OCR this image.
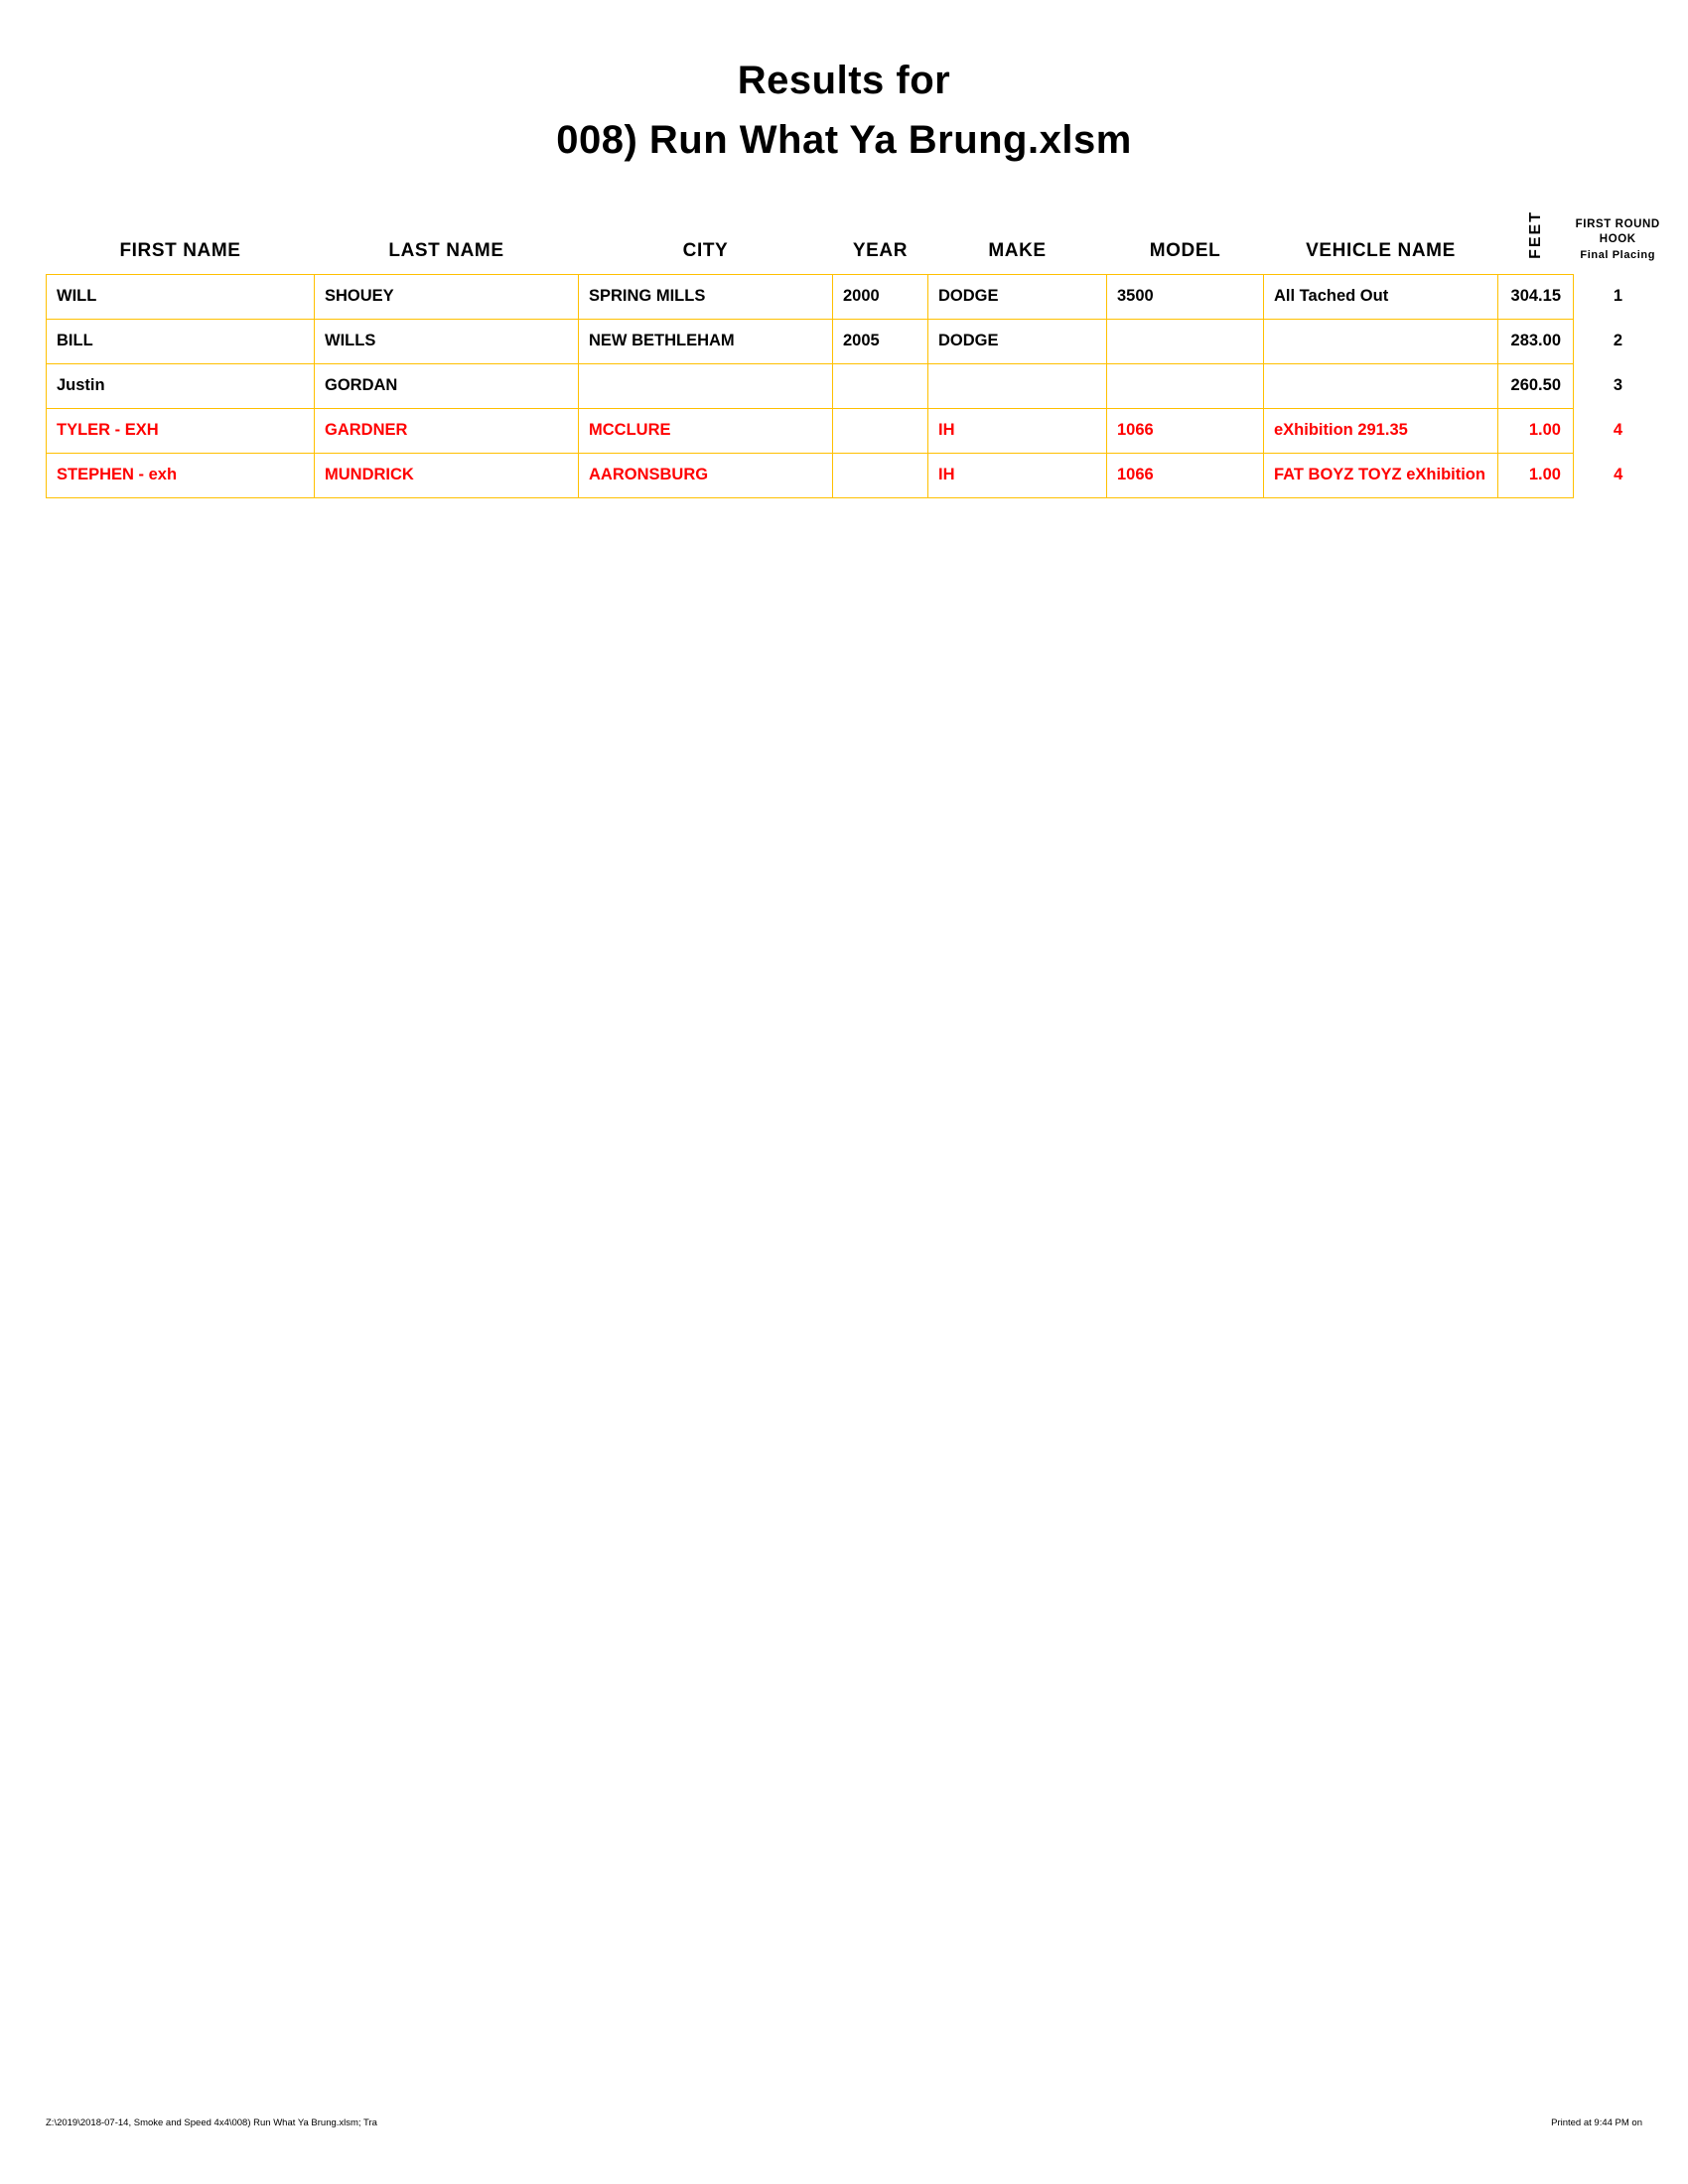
Results for
008) Run What Ya Brung.xlsm
FIRST NAME	LAST NAME	CITY	YEAR	MAKE	MODEL	VEHICLE NAME	FEET	FIRST ROUND
HOOK
Final Placing

WILL	SHOUEY	SPRING MILLS	2000	DODGE	3500	All Tached Out	304.15	1
BILL	WILLS	NEW BETHLEHAM	2005	DODGE			283.00	2
Justin	GORDAN						260.50	3
TYLER - EXH	GARDNER	MCCLURE		IH	1066	eXhibition 291.35	1.00	4
STEPHEN - exh	MUNDRICK	AARONSBURG		IH	1066	FAT BOYZ TOYZ eXhibition	1.00	4
Z:\2019\2018-07-14, Smoke and Speed 4x4\008) Run What Ya Brung.xlsm; Tra	Printed at 9:44 PM on
